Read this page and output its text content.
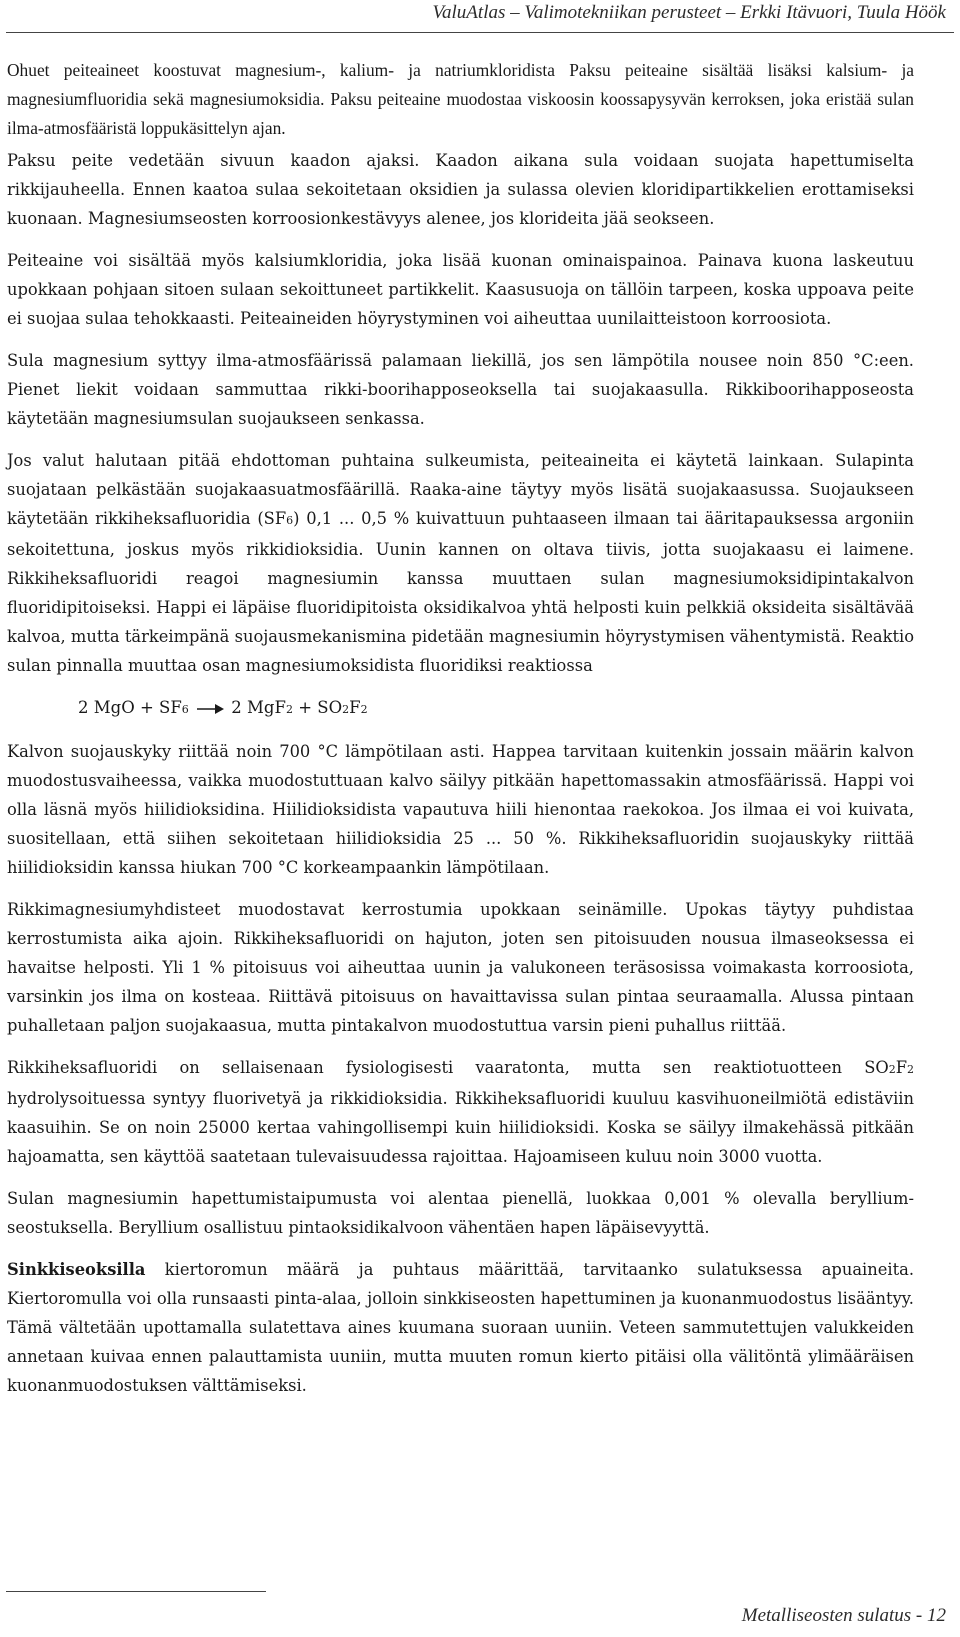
ValuAtlas – Valimotekniikan perusteet – Erkki Itävuori, Tuula Höök

Ohuet peiteaineet koostuvat magnesium-, kalium- ja natriumkloridista Paksu peiteaine sisältää lisäksi kalsium- ja magnesiumfluoridia sekä magnesiumoksidia. Paksu peiteaine muodostaa viskoosin koossapysyvän kerroksen, joka eristää sulan ilma-atmosfääristä loppukäsittelyn ajan.

Paksu peite vedetään sivuun kaadon ajaksi. Kaadon aikana sula voidaan suojata hapettumiselta rikkijauheella. Ennen kaatoa sulaa sekoitetaan oksidien ja sulassa olevien kloridipartikkelien erottamiseksi kuonaan. Magnesiumseosten korroosionkestävyys alenee, jos klorideita jää seokseen.

Peiteaine voi sisältää myös kalsiumkloridia, joka lisää kuonan ominaispainoa. Painava kuona laskeutuu upokkaan pohjaan sitoen sulaan sekoittuneet partikkelit. Kaasusuoja on tällöin tarpeen, koska uppoava peite ei suojaa sulaa tehokkaasti. Peiteaineiden höyrystyminen voi aiheuttaa uunilaitteistoon korroosiota.

Sula magnesium syttyy ilma-atmosfäärissä palamaan liekillä, jos sen lämpötila nousee noin 850 °C:een. Pienet liekit voidaan sammuttaa rikki-boorihapposeoksella tai suojakaasulla. Rikkiboorihapposeosta käytetään magnesiumsulan suojaukseen senkassa.

Jos valut halutaan pitää ehdottoman puhtaina sulkeumista, peiteaineita ei käytetä lainkaan. Sulapinta suojataan pelkästään suojakaasuatmosfäärillä. Raaka-aine täytyy myös lisätä suojakaasussa. Suojaukseen käytetään rikkiheksafluoridia (SF6) 0,1 ... 0,5 % kuivattuun puhtaaseen ilmaan tai ääritapauksessa argoniin sekoitettuna, joskus myös rikkidioksidia. Uunin kannen on oltava tiivis, jotta suojakaasu ei laimene. Rikkiheksafluoridi reagoi magnesiumin kanssa muuttaen sulan magnesiumoksidipintakalvon fluoridipitoiseksi. Happi ei läpäise fluoridipitoista oksidikalvoa yhtä helposti kuin pelkkiä oksideita sisältävää kalvoa, mutta tärkeimpänä suojausmekanismina pidetään magnesiumin höyrystymisen vähentymistä. Reaktio sulan pinnalla muuttaa osan magnesiumoksidista fluoridiksi reaktiossa

2 MgO + SF6  2 MgF2 + SO2F2

Kalvon suojauskyky riittää noin 700 °C lämpötilaan asti. Happea tarvitaan kuitenkin jossain määrin kalvon muodostusvaiheessa, vaikka muodostuttuaan kalvo säilyy pitkään hapettomassakin atmosfäärissä. Happi voi olla läsnä myös hiilidioksidina. Hiilidioksidista vapautuva hiili hienontaa raekokoa. Jos ilmaa ei voi kuivata, suositellaan, että siihen sekoitetaan hiilidioksidia 25 ... 50 %. Rikkiheksafluoridin suojauskyky riittää hiilidioksidin kanssa hiukan 700 °C korkeampaankin lämpötilaan.

Rikkimagnesiumyhdisteet muodostavat kerrostumia upokkaan seinämille. Upokas täytyy puhdistaa kerrostumista aika ajoin. Rikkiheksafluoridi on hajuton, joten sen pitoisuuden nousua ilmaseoksessa ei havaitse helposti. Yli 1 % pitoisuus voi aiheuttaa uunin ja valukoneen teräsosissa voimakasta korroosiota, varsinkin jos ilma on kosteaa. Riittävä pitoisuus on havaittavissa sulan pintaa seuraamalla. Alussa pintaan puhalletaan paljon suojakaasua, mutta pintakalvon muodostuttua varsin pieni puhallus riittää.

Rikkiheksafluoridi on sellaisenaan fysiologisesti vaaratonta, mutta sen reaktiotuotteen SO2F2 hydrolysoituessa syntyy fluorivetyä ja rikkidioksidia. Rikkiheksafluoridi kuuluu kasvihuoneilmiötä edistäviin kaasuihin. Se on noin 25000 kertaa vahingollisempi kuin hiilidioksidi. Koska se säilyy ilmakehässä pitkään hajoamatta, sen käyttöä saatetaan tulevaisuudessa rajoittaa. Hajoamiseen kuluu noin 3000 vuotta.

Sulan magnesiumin hapettumistaipumusta voi alentaa pienellä, luokkaa 0,001 % olevalla berylliumseostuksella. Beryllium osallistuu pintaoksidikalvoon vähentäen hapen läpäisevyyttä.

Sinkkiseoksilla kiertoromun määrä ja puhtaus määrittää, tarvitaanko sulatuksessa apuaineita. Kiertoromulla voi olla runsaasti pinta-alaa, jolloin sinkkiseosten hapettuminen ja kuonanmuodostus lisääntyy. Tämä vältetään upottamalla sulatettava aines kuumana suoraan uuniin. Veteen sammutettujen valukkeiden annetaan kuivaa ennen palauttamista uuniin, mutta muuten romun kierto pitäisi olla välitöntä ylimääräisen kuonanmuodostuksen välttämiseksi.

Metalliseosten sulatus - 12
